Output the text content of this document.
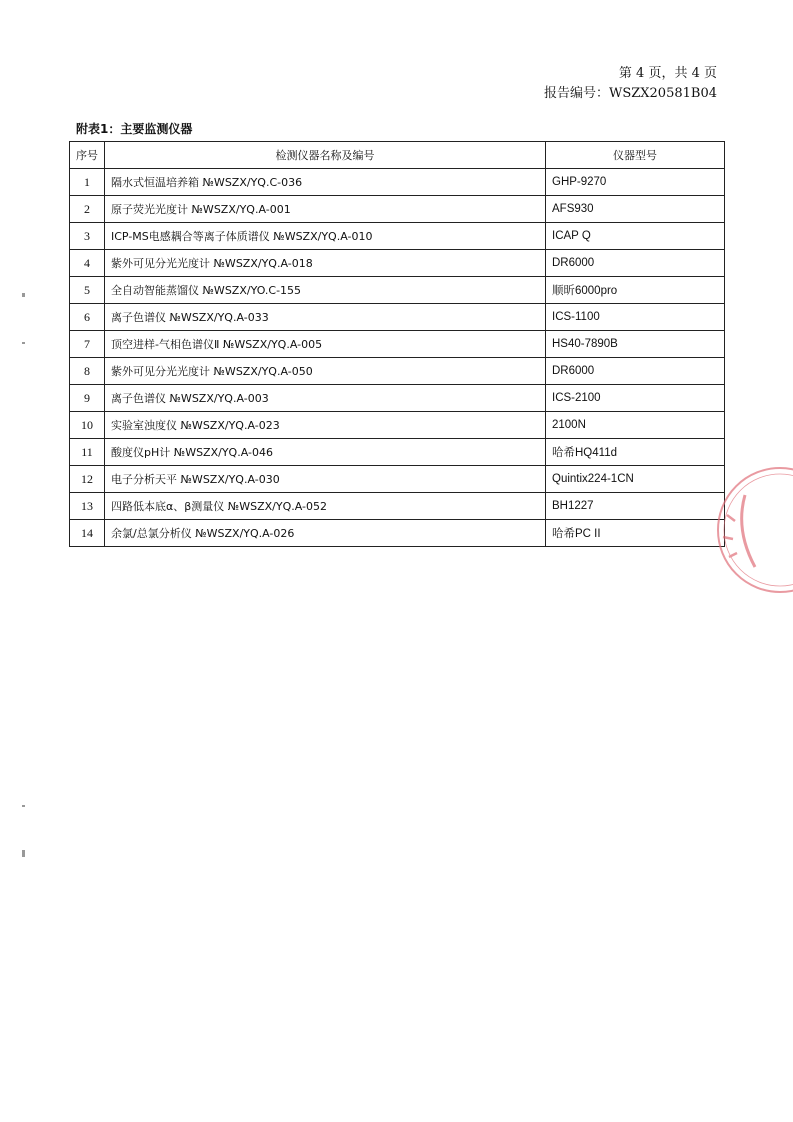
第 4 页，共 4 页
报告编号：WSZX20581B04
附表1：主要监测仪器
序号	检测仪器名称及编号	仪器型号
1	隔水式恒温培养箱 №WSZX/YQ.C-036	GHP-9270
2	原子荧光光度计 №WSZX/YQ.A-001	AFS930
3	ICP-MS电感耦合等离子体质谱仪 №WSZX/YQ.A-010	ICAP Q
4	紫外可见分光光度计 №WSZX/YQ.A-018	DR6000
5	全自动智能蒸馏仪 №WSZX/YO.C-155	顺昕6000pro
6	离子色谱仪 №WSZX/YQ.A-033	ICS-1100
7	顶空进样-气相色谱仪Ⅱ №WSZX/YQ.A-005	HS40-7890B
8	紫外可见分光光度计 №WSZX/YQ.A-050	DR6000
9	离子色谱仪 №WSZX/YQ.A-003	ICS-2100
10	实验室浊度仪 №WSZX/YQ.A-023	2100N
11	酸度仪pH计 №WSZX/YQ.A-046	哈希HQ411d
12	电子分析天平 №WSZX/YQ.A-030	Quintix224-1CN
13	四路低本底α、β测量仪 №WSZX/YQ.A-052	BH1227
14	余氯/总氯分析仪 №WSZX/YQ.A-026	哈希PC II
